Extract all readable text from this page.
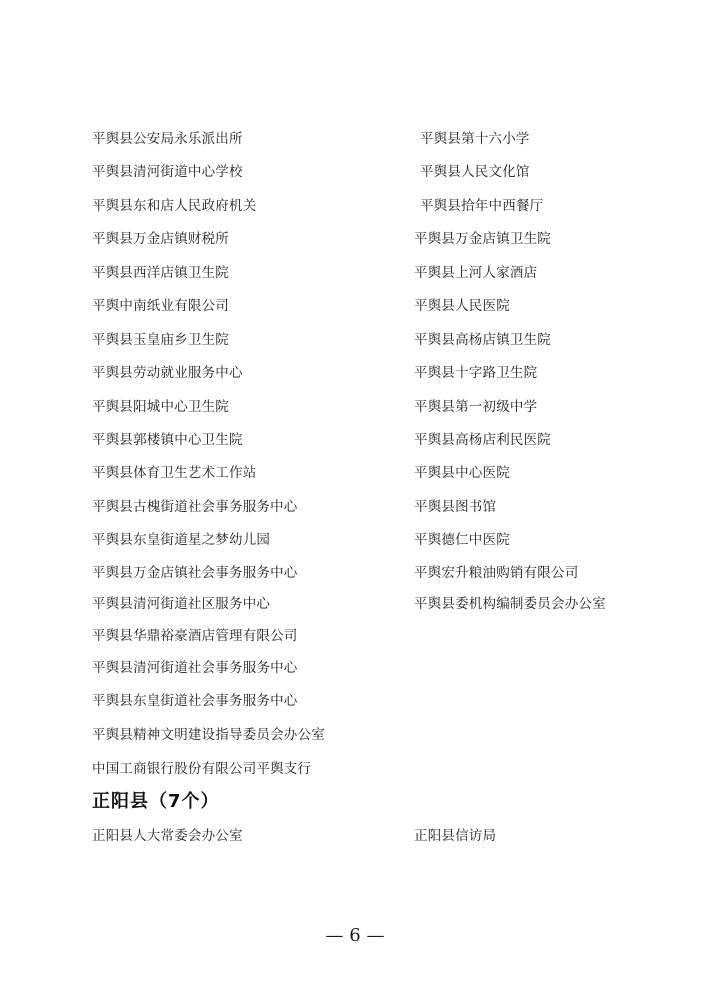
平舆县公安局永乐派出所
平舆县清河街道中心学校
平舆县东和店人民政府机关
平舆县万金店镇财税所
平舆县西洋店镇卫生院
平舆中南纸业有限公司
平舆县玉皇庙乡卫生院
平舆县劳动就业服务中心
平舆县阳城中心卫生院
平舆县郭楼镇中心卫生院
平舆县体育卫生艺术工作站
平舆县古槐街道社会事务服务中心
平舆县东皇街道星之梦幼儿园
平舆县万金店镇社会事务服务中心
平舆县清河街道社区服务中心
平舆县华鼎裕豪酒店管理有限公司
平舆县清河街道社会事务服务中心
平舆县东皇街道社会事务服务中心
平舆县精神文明建设指导委员会办公室
中国工商银行股份有限公司平舆支行
平舆县第十六小学
平舆县人民文化馆
平舆县拾年中西餐厅
平舆县万金店镇卫生院
平舆县上河人家酒店
平舆县人民医院
平舆县高杨店镇卫生院
平舆县十字路卫生院
平舆县第一初级中学
平舆县高杨店利民医院
平舆县中心医院
平舆县图书馆
平舆德仁中医院
平舆宏升粮油购销有限公司
平舆县委机构编制委员会办公室
正阳县（7个）
正阳县人大常委会办公室	正阳县信访局
— 6 —
